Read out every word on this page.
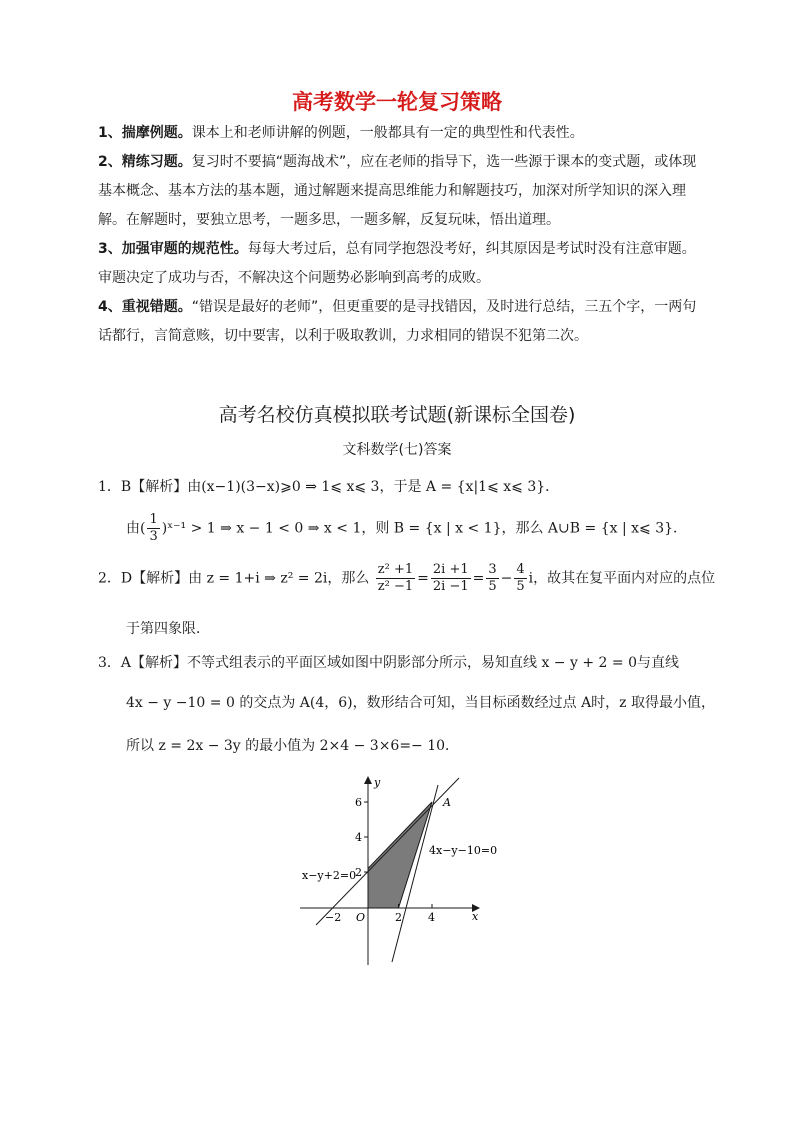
高考数学一轮复习策略
1、揣摩例题。课本上和老师讲解的例题，一般都具有一定的典型性和代表性。
2、精练习题。复习时不要搞“题海战术”，应在老师的指导下，选一些源于课本的变式题，或体现基本概念、基本方法的基本题，通过解题来提高思维能力和解题技巧，加深对所学知识的深入理解。在解题时，要独立思考，一题多思，一题多解，反复玩味，悟出道理。
3、加强审题的规范性。每每大考过后，总有同学抱怨没考好，纠其原因是考试时没有注意审题。审题决定了成功与否，不解决这个问题势必影响到高考的成败。
4、重视错题。“错误是最好的老师”，但更重要的是寻找错因，及时进行总结，三五个字，一两句话都行，言简意赅，切中要害，以利于吸取教训，力求相同的错误不犯第二次。
高考名校仿真模拟联考试题(新课标全国卷)
文科数学(七)答案
1．B【解析】由(x−1)(3−x)⩾0 ⇒ 1⩽ x⩽ 3，于是 A = {x|1⩽ x⩽ 3}．
由( $\frac{1}{3}$ )ˣ⁻¹ > 1 ⇒ x − 1 < 0 ⇒ x < 1，则 B = {x | x < 1}，那么 A∪B = {x | x⩽ 3}．
2．D【解析】由 z = 1+i ⇒ z² = 2i，那么 $\frac{\text{z² +1}}{\text{z² −1}} = \frac{2i +1}{2i -1} = \frac{3}{5} - \frac{4}{5}$ i，故其在复平面内对应的点位
于第四象限．
3．A【解析】不等式组表示的平面区域如图中阴影部分所示，易知直线 x − y + 2 = 0与直线
4x − y −10 = 0 的交点为 A(4，6)，数形结合可知，当目标函数经过点 A时，z 取得最小值，
所以 z = 2x − 3y 的最小值为 2×4 − 3×6=− 10．
y
x
6
4
2
−2	2 4
O
A
4x−y−10=0
x−y+2=0
